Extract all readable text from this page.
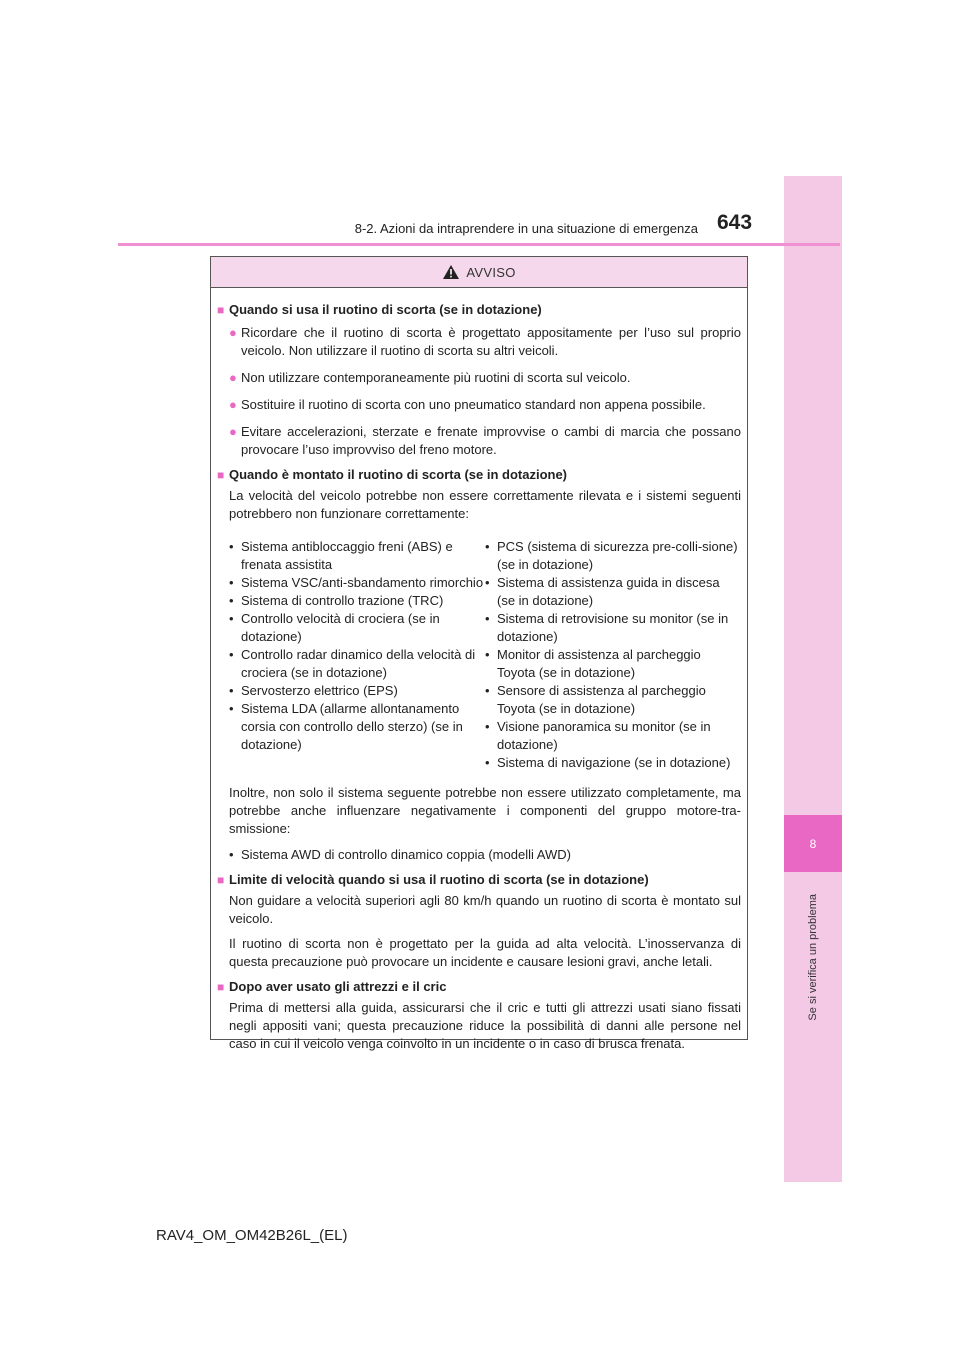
8
Se si verifica un problema
8-2. Azioni da intraprendere in una situazione di emergenza 643
AVVISO
■ Quando si usa il ruotino di scorta (se in dotazione)
● Ricordare che il ruotino di scorta è progettato appositamente per l’uso sul proprio veicolo. Non utilizzare il ruotino di scorta su altri veicoli.
● Non utilizzare contemporaneamente più ruotini di scorta sul veicolo.
● Sostituire il ruotino di scorta con uno pneumatico standard non appena possibile.
● Evitare accelerazioni, sterzate e frenate improvvise o cambi di marcia che possano provocare l’uso improvviso del freno motore.
■ Quando è montato il ruotino di scorta (se in dotazione)
La velocità del veicolo potrebbe non essere correttamente rilevata e i sistemi seguenti potrebbero non funzionare correttamente:
• Sistema antibloccaggio freni (ABS) e frenata assistita
• Sistema VSC/anti-sbandamento rimorchio
• Sistema di controllo trazione (TRC)
• Controllo velocità di crociera (se in dotazione)
• Controllo radar dinamico della velocità di crociera (se in dotazione)
• Servosterzo elettrico (EPS)
• Sistema LDA (allarme allontanamento corsia con controllo dello sterzo) (se in dotazione)
• PCS (sistema di sicurezza pre-colli-sione) (se in dotazione)
• Sistema di assistenza guida in discesa (se in dotazione)
• Sistema di retrovisione su monitor (se in dotazione)
• Monitor di assistenza al parcheggio Toyota (se in dotazione)
• Sensore di assistenza al parcheggio Toyota (se in dotazione)
• Visione panoramica su monitor (se in dotazione)
• Sistema di navigazione (se in dotazione)
Inoltre, non solo il sistema seguente potrebbe non essere utilizzato completamente, ma potrebbe anche influenzare negativamente i componenti del gruppo motore-tra-smissione:
• Sistema AWD di controllo dinamico coppia (modelli AWD)
■ Limite di velocità quando si usa il ruotino di scorta (se in dotazione)
Non guidare a velocità superiori agli 80 km/h quando un ruotino di scorta è montato sul veicolo.
Il ruotino di scorta non è progettato per la guida ad alta velocità. L’inosservanza di questa precauzione può provocare un incidente e causare lesioni gravi, anche letali.
■ Dopo aver usato gli attrezzi e il cric
Prima di mettersi alla guida, assicurarsi che il cric e tutti gli attrezzi usati siano fissati negli appositi vani; questa precauzione riduce la possibilità di danni alle persone nel caso in cui il veicolo venga coinvolto in un incidente o in caso di brusca frenata.
RAV4_OM_OM42B26L_(EL)
